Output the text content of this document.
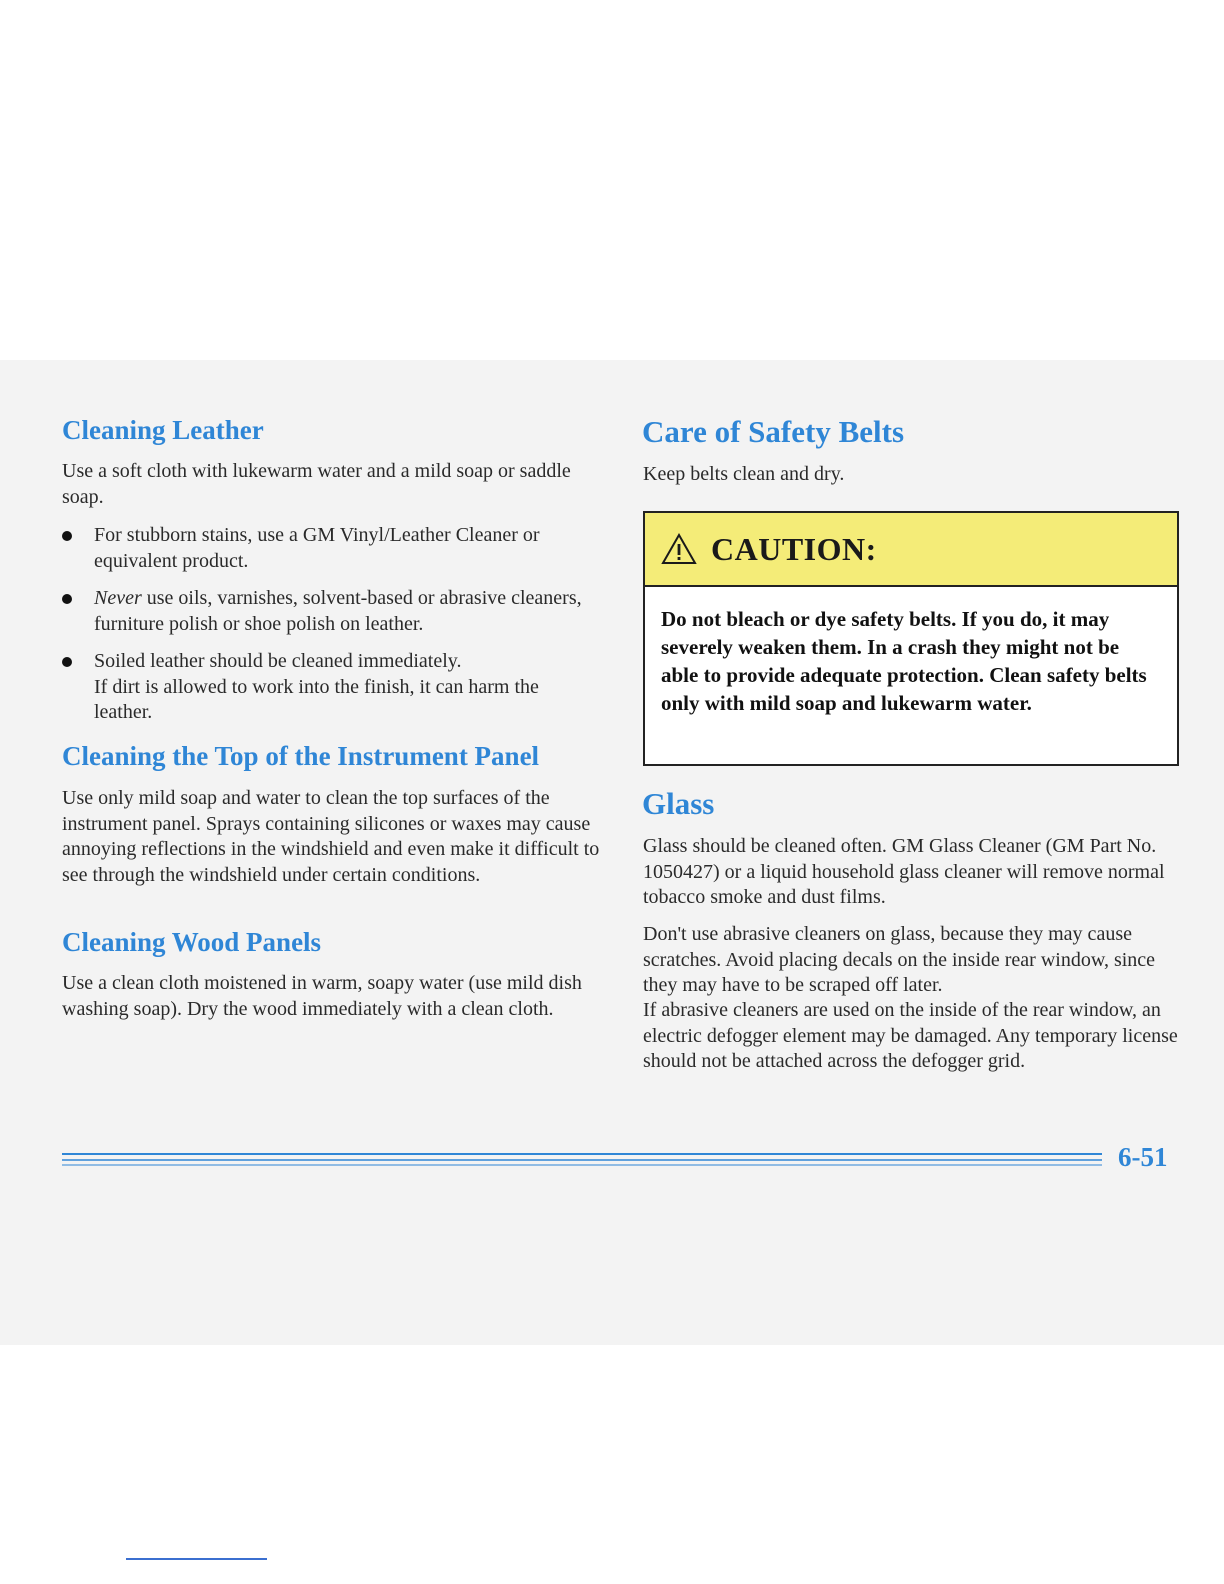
Cleaning Leather

Use a soft cloth with lukewarm water and a mild soap or saddle soap.

For stubborn stains, use a GM Vinyl/Leather Cleaner or equivalent product.
Never use oils, varnishes, solvent-based or abrasive cleaners, furniture polish or shoe polish on leather.
Soiled leather should be cleaned immediately.
If dirt is allowed to work into the finish, it can harm the leather.
Cleaning the Top of the Instrument Panel

Use only mild soap and water to clean the top surfaces of the instrument panel. Sprays containing silicones or waxes may cause annoying reflections in the windshield and even make it difficult to see through the windshield under certain conditions.

Cleaning Wood Panels

Use a clean cloth moistened in warm, soapy water (use mild dish washing soap). Dry the wood immediately with a clean cloth.

Care of Safety Belts

Keep belts clean and dry.

CAUTION:
Do not bleach or dye safety belts. If you do, it may severely weaken them. In a crash they might not be able to provide adequate protection. Clean safety belts only with mild soap and lukewarm water.
Glass

Glass should be cleaned often. GM Glass Cleaner (GM Part No. 1050427) or a liquid household glass cleaner will remove normal tobacco smoke and dust films.

Don't use abrasive cleaners on glass, because they may cause scratches. Avoid placing decals on the inside rear window, since they may have to be scraped off later.

If abrasive cleaners are used on the inside of the rear window, an electric defogger element may be damaged. Any temporary license should not be attached across the defogger grid.

6-51
